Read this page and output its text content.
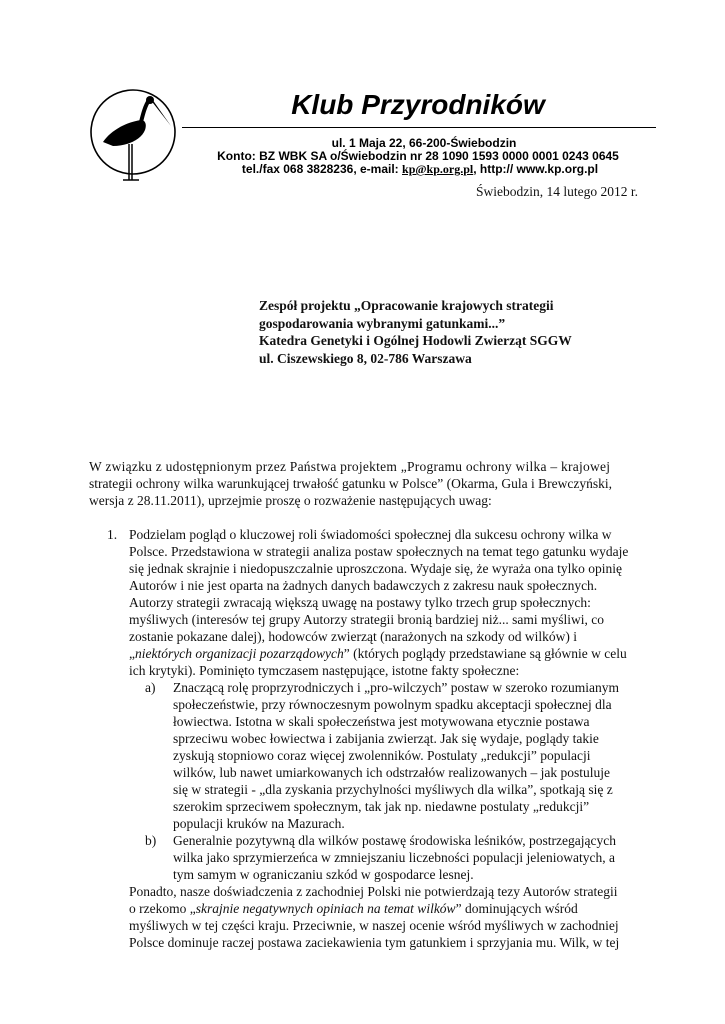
Klub Przyrodników
ul. 1 Maja 22, 66-200-Świebodzin
Konto: BZ WBK SA o/Świebodzin nr 28 1090 1593 0000 0001 0243 0645
tel./fax 068 3828236, e-mail: kp@kp.org.pl, http:// www.kp.org.pl
Świebodzin, 14 lutego 2012 r.
Zespół projektu „Opracowanie krajowych strategii
gospodarowania wybranymi gatunkami...”
Katedra Genetyki i Ogólnej Hodowli Zwierząt SGGW
ul. Ciszewskiego 8, 02-786 Warszawa
W związku z udostępnionym przez Państwa projektem „Programu ochrony wilka – krajowej
strategii ochrony wilka warunkującej trwałość gatunku w Polsce” (Okarma, Gula i Brewczyński,
wersja z 28.11.2011), uprzejmie proszę o rozważenie następujących uwag:
1. Podzielam pogląd o kluczowej roli świadomości społecznej dla sukcesu ochrony wilka w
Polsce. Przedstawiona w strategii analiza postaw społecznych na temat tego gatunku wydaje
się jednak skrajnie i niedopuszczalnie uproszczona. Wydaje się, że wyraża ona tylko opinię
Autorów i nie jest oparta na żadnych danych badawczych z zakresu nauk społecznych.
Autorzy strategii zwracają większą uwagę na postawy tylko trzech grup społecznych:
myśliwych (interesów tej grupy Autorzy strategii bronią bardziej niż... sami myśliwi, co
zostanie pokazane dalej), hodowców zwierząt (narażonych na szkody od wilków) i
„niektórych organizacji pozarządowych” (których poglądy przedstawiane są głównie w celu
ich krytyki). Pominięto tymczasem następujące, istotne fakty społeczne:
a) Znaczącą rolę proprzyrodniczych i „pro-wilczych” postaw w szeroko rozumianym
społeczeństwie, przy równoczesnym powolnym spadku akceptacji społecznej dla
łowiectwa. Istotna w skali społeczeństwa jest motywowana etycznie postawa
sprzeciwu wobec łowiectwa i zabijania zwierząt. Jak się wydaje, poglądy takie
zyskują stopniowo coraz więcej zwolenników. Postulaty „redukcji” populacji
wilków, lub nawet umiarkowanych ich odstrzałów realizowanych – jak postuluje
się w strategii - „dla zyskania przychylności myśliwych dla wilka”, spotkają się z
szerokim sprzeciwem społecznym, tak jak np. niedawne postulaty „redukcji”
populacji kruków na Mazurach.
b) Generalnie pozytywną dla wilków postawę środowiska leśników, postrzegających
wilka jako sprzymierzeńca w zmniejszaniu liczebności populacji jeleniowatych, a
tym samym w ograniczaniu szkód w gospodarce lesnej.
Ponadto, nasze doświadczenia z zachodniej Polski nie potwierdzają tezy Autorów strategii
o rzekomo „skrajnie negatywnych opiniach na temat wilków” dominujących wśród
myśliwych w tej części kraju. Przeciwnie, w naszej ocenie wśród myśliwych w zachodniej
Polsce dominuje raczej postawa zaciekawienia tym gatunkiem i sprzyjania mu. Wilk, w tej
